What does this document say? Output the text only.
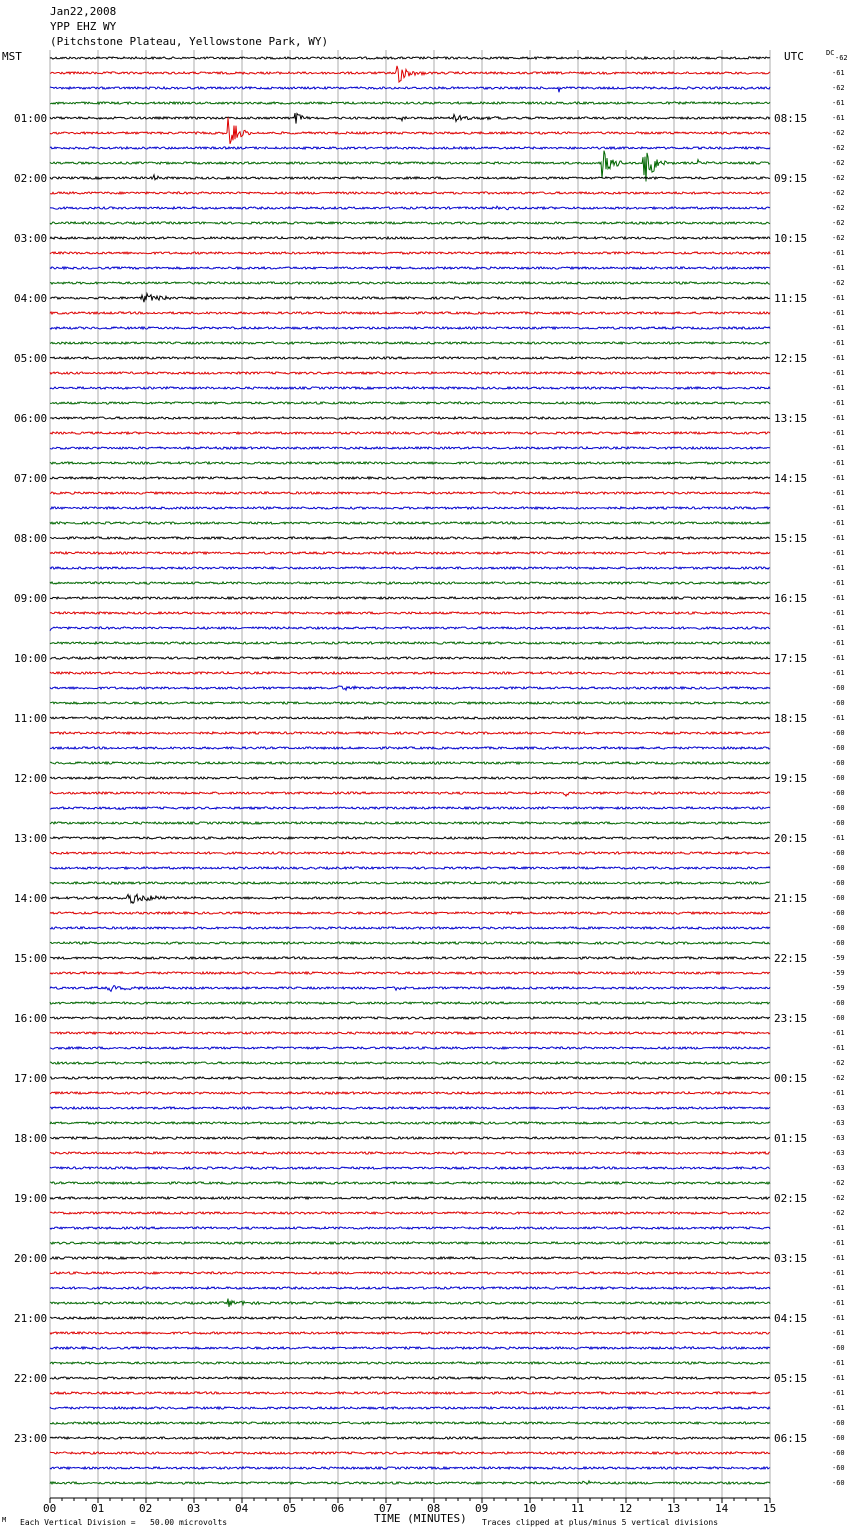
Jan22,2008
YPP EHZ WY
(Pitchstone Plateau, Yellowstone Park, WY)
MST	UTC	DC
01:00
02:00
03:00
04:00
05:00
06:00
07:00
08:00
09:00
10:00
11:00
12:00
13:00
14:00
15:00
16:00
17:00
18:00
19:00
20:00
21:00
22:00
23:00
08:15
09:15
10:15
11:15
12:15
13:15
14:15
15:15
16:15
17:15
18:15
19:15
20:15
21:15
22:15
23:15
00:15
01:15
02:15
03:15
04:15
05:15
06:15
-62
-61
-62
-61
-61
-62
-62
-62
-62
-62
-62
-62
-62
-61
-61
-62
-61
-61
-61
-61
-61
-61
-61
-61
-61
-61
-61
-61
-61
-61
-61
-61
-61
-61
-61
-61
-61
-61
-61
-61
-61
-61
-60
-60
-61
-60
-60
-60
-60
-60
-60
-60
-61
-60
-60
-60
-60
-60
-60
-60
-59
-59
-59
-60
-60
-61
-61
-62
-62
-61
-63
-63
-63
-63
-63
-62
-62
-62
-61
-61
-61
-61
-61
-61
-61
-61
-60
-61
-61
-61
-61
-60
-60
-60
-60
-60
00	01	02	03	04	05	06	07	08	09	10	11	12	13	14	15
M Each Vertical Division =   50.00 microvolts	TIME (MINUTES) Traces clipped at plus/minus 5 vertical divisions
